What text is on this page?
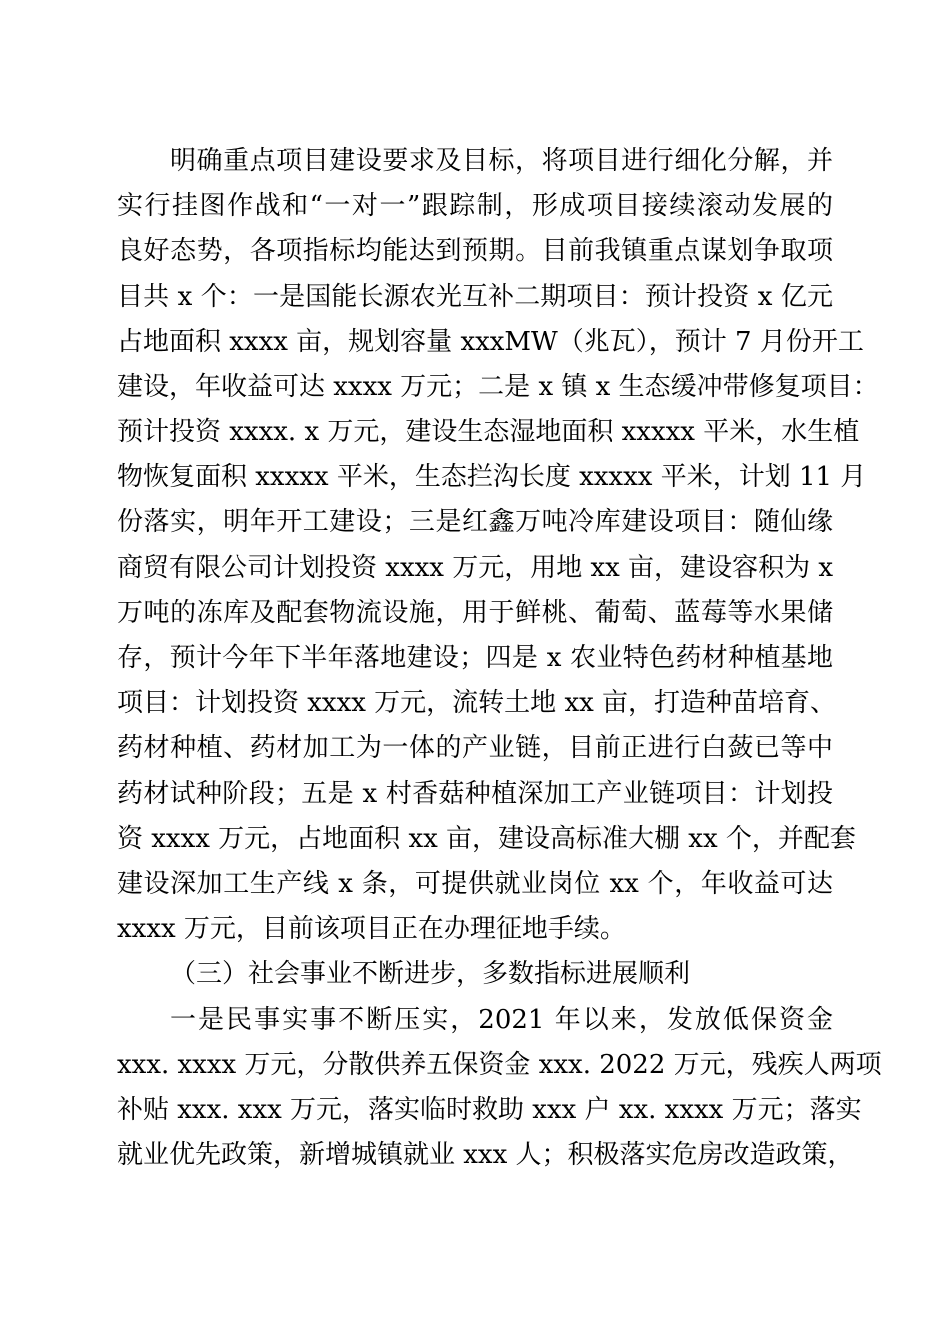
明确重点项目建设要求及目标，将项目进行细化分解，并
实行挂图作战和“一对一”跟踪制，形成项目接续滚动发展的
良好态势，各项指标均能达到预期。目前我镇重点谋划争取项
目共 x 个：一是国能长源农光互补二期项目：预计投资 x 亿元
占地面积 xxxx 亩，规划容量 xxxMW（兆瓦），预计 7 月份开工
建设，年收益可达 xxxx 万元；二是 x 镇 x 生态缓冲带修复项目：
预计投资 xxxx. x 万元，建设生态湿地面积 xxxxx 平米，水生植
物恢复面积 xxxxx 平米，生态拦沟长度 xxxxx 平米，计划 11 月
份落实，明年开工建设；三是红鑫万吨冷库建设项目：随仙缘
商贸有限公司计划投资 xxxx 万元，用地 xx 亩，建设容积为 x
万吨的冻库及配套物流设施，用于鲜桃、葡萄、蓝莓等水果储
存，预计今年下半年落地建设；四是 x 农业特色药材种植基地
项目：计划投资 xxxx 万元，流转土地 xx 亩，打造种苗培育、
药材种植、药材加工为一体的产业链，目前正进行白蔹已等中
药材试种阶段；五是 x 村香菇种植深加工产业链项目：计划投
资 xxxx 万元，占地面积 xx 亩，建设高标准大棚 xx 个，并配套
建设深加工生产线 x 条，可提供就业岗位 xx 个，年收益可达
xxxx 万元，目前该项目正在办理征地手续。
（三）社会事业不断进步，多数指标进展顺利
一是民事实事不断压实，2021 年以来，发放低保资金
xxx. xxxx 万元，分散供养五保资金 xxx. 2022 万元，残疾人两项
补贴 xxx. xxx 万元，落实临时救助 xxx 户 xx. xxxx 万元；落实
就业优先政策，新增城镇就业 xxx 人；积极落实危房改造政策，
